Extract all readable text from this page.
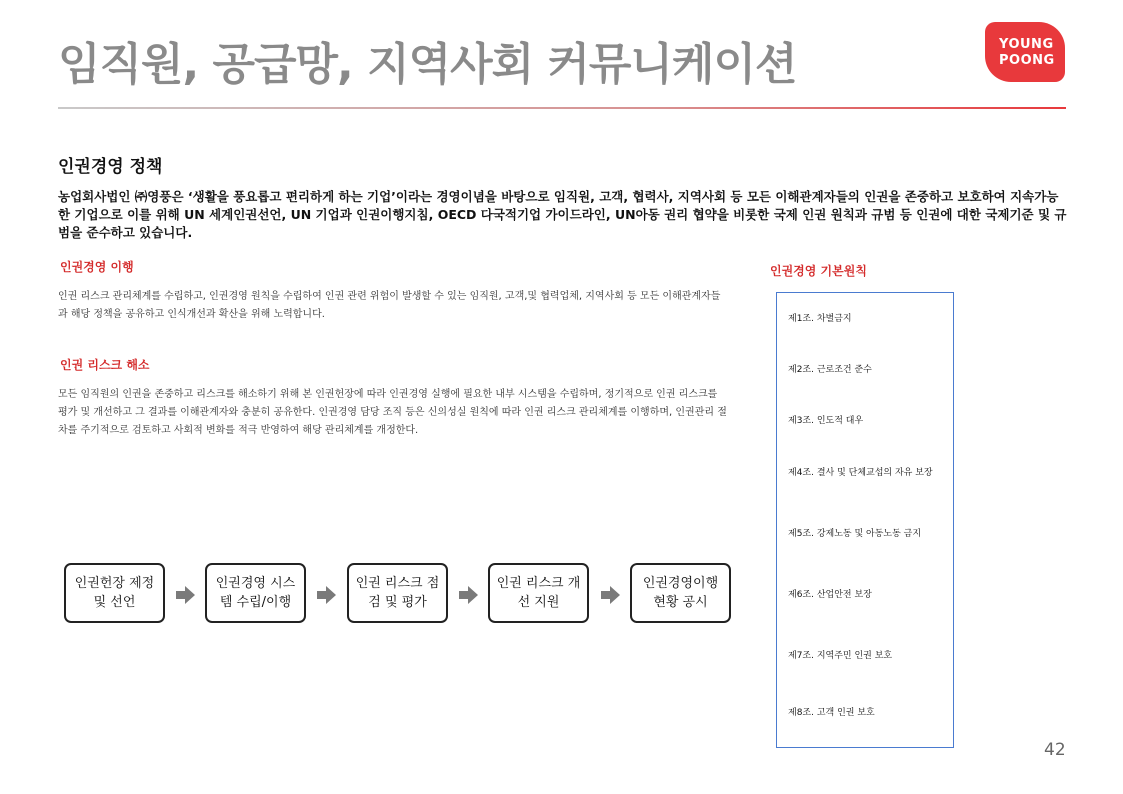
임직원, 공급망, 지역사회 커뮤니케이션	YOUNG
POONG
인권경영 정책
농업회사법인 ㈜영풍은 ‘생활을 풍요롭고 편리하게 하는 기업’이라는 경영이념을 바탕으로 임직원, 고객, 협력사, 지역사회 등 모든 이해관계자들의 인권을 존중하고 보호하여 지속가능한 기업으로 이를 위해 UN 세계인권선언, UN 기업과 인권이행지침, OECD 다국적기업 가이드라인, UN아동 권리 협약을 비롯한 국제 인권 원칙과 규범 등 인권에 대한 국제기준 및 규범을 준수하고 있습니다.
인권경영 이행
인권 리스크 관리체계를 수립하고, 인권경영 원칙을 수립하여 인권 관련 위험이 발생할 수 있는 임직원, 고객,및 협력업체, 지역사회 등 모든 이해관계자들과 해당 정책을 공유하고 인식개선과 확산을 위해 노력합니다.
인권 리스크 해소
모든 임직원의 인권을 존중하고 리스크를 해소하기 위해 본 인권헌장에 따라 인권경영 실행에 필요한 내부 시스템을 수립하며, 정기적으로 인권 리스크를 평가 및 개선하고 그 결과를 이해관계자와 충분히 공유한다. 인권경영 담당 조직 등은 신의성실 원칙에 따라 인권 리스크 관리체계를 이행하며, 인권관리 절차를 주기적으로 검토하고 사회적 변화를 적극 반영하여 해당 관리체계를 개정한다.
인권헌장 제정 및 선언
인권경영 시스템 수립/이행
인권 리스크 점검 및 평가
인권 리스크 개선 지원
인권경영이행 현황 공시
인권경영 기본원칙
제1조. 차별금지
제2조. 근로조건 준수
제3조. 인도적 대우
제4조. 결사 및 단체교섭의 자유 보장
제5조. 강제노동 및 아동노동 금지
제6조. 산업안전 보장
제7조. 지역주민 인권 보호
제8조. 고객 인권 보호
42
